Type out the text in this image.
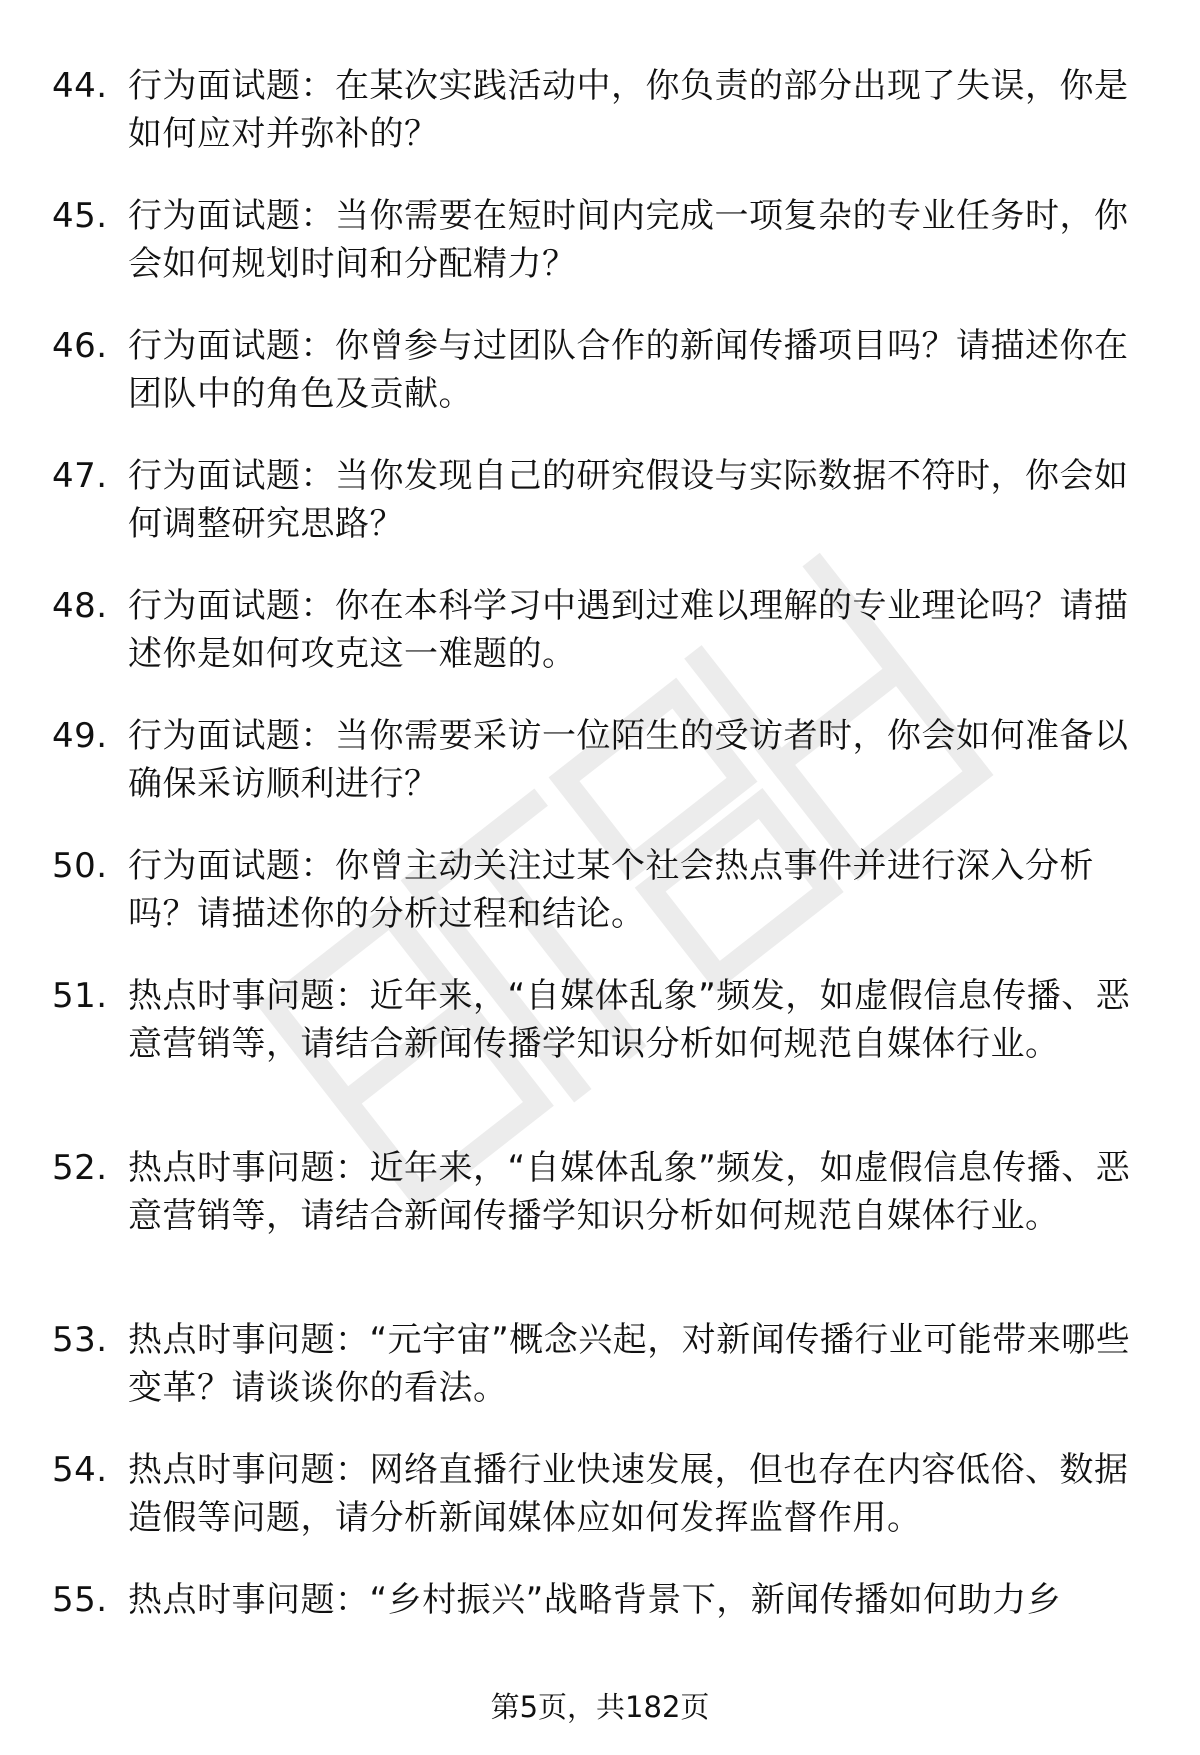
44. 行为面试题：在某次实践活动中，你负责的部分出现了失误，你是如何应对并弥补的？
45. 行为面试题：当你需要在短时间内完成一项复杂的专业任务时，你会如何规划时间和分配精力？
46. 行为面试题：你曾参与过团队合作的新闻传播项目吗？请描述你在团队中的角色及贡献。
47. 行为面试题：当你发现自己的研究假设与实际数据不符时，你会如何调整研究思路？
48. 行为面试题：你在本科学习中遇到过难以理解的专业理论吗？请描述你是如何攻克这一难题的。
49. 行为面试题：当你需要采访一位陌生的受访者时，你会如何准备以确保采访顺利进行？
50. 行为面试题：你曾主动关注过某个社会热点事件并进行深入分析吗？请描述你的分析过程和结论。
51. 热点时事问题：近年来，“自媒体乱象”频发，如虚假信息传播、恶意营销等，请结合新闻传播学知识分析如何规范自媒体行业。
52. 热点时事问题：近年来，“自媒体乱象”频发，如虚假信息传播、恶意营销等，请结合新闻传播学知识分析如何规范自媒体行业。
53. 热点时事问题：“元宇宙”概念兴起，对新闻传播行业可能带来哪些变革？请谈谈你的看法。
54. 热点时事问题：网络直播行业快速发展，但也存在内容低俗、数据造假等问题，请分析新闻媒体应如何发挥监督作用。
55. 热点时事问题：“乡村振兴”战略背景下，新闻传播如何助力乡
第5页，共182页
